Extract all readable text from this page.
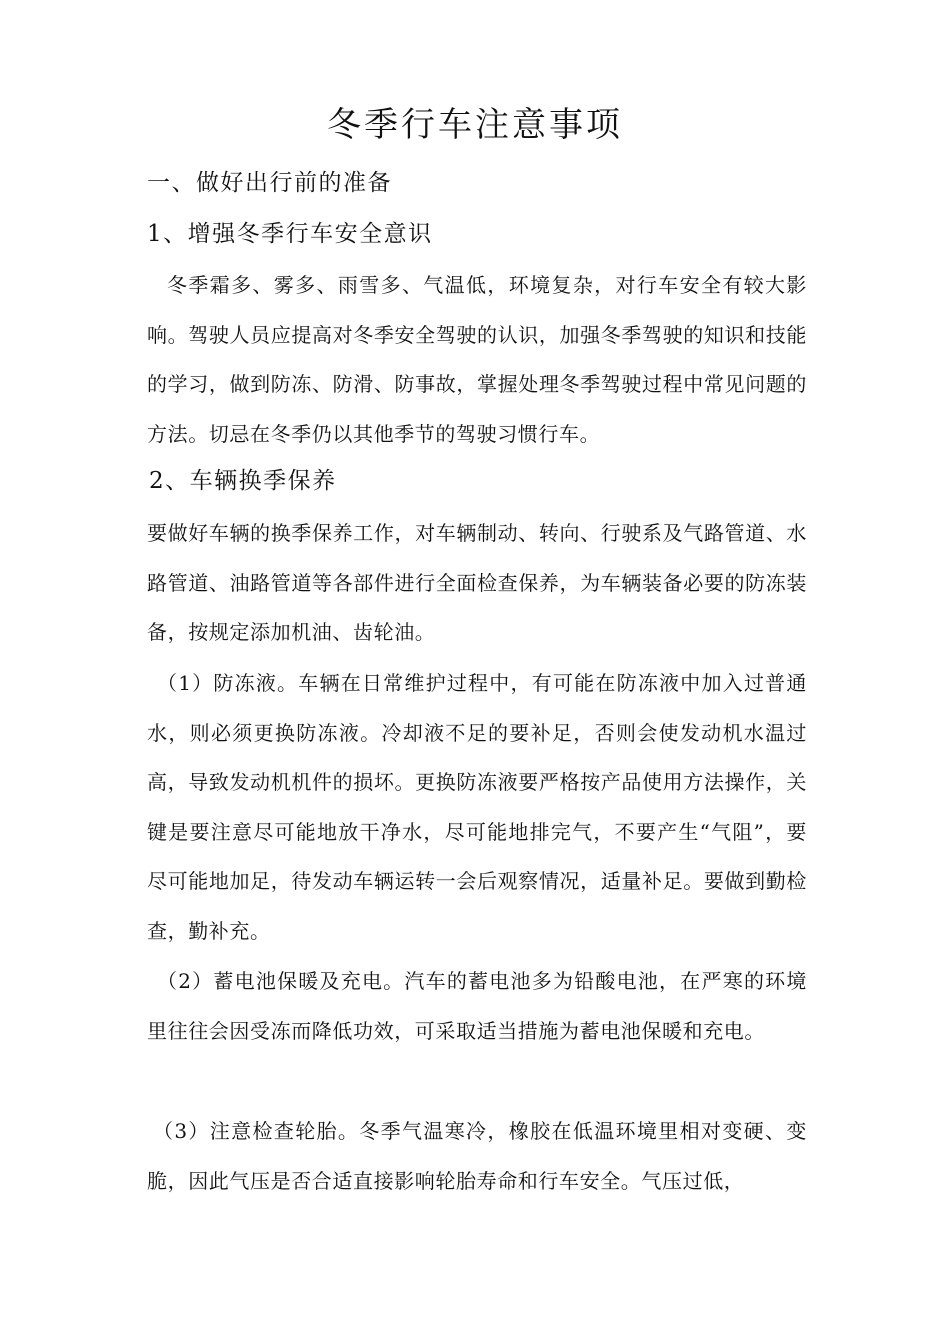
冬季行车注意事项
一、做好出行前的准备
1、增强冬季行车安全意识

冬季霜多、雾多、雨雪多、气温低，环境复杂，对行车安全有较大影响。驾驶人员应提高对冬季安全驾驶的认识，加强冬季驾驶的知识和技能的学习，做到防冻、防滑、防事故，掌握处理冬季驾驶过程中常见问题的方法。切忌在冬季仍以其他季节的驾驶习惯行车。

2、车辆换季保养

要做好车辆的换季保养工作，对车辆制动、转向、行驶系及气路管道、水路管道、油路管道等各部件进行全面检查保养，为车辆装备必要的防冻装备，按规定添加机油、齿轮油。

（1）防冻液。车辆在日常维护过程中，有可能在防冻液中加入过普通水，则必须更换防冻液。冷却液不足的要补足，否则会使发动机水温过高，导致发动机机件的损坏。更换防冻液要严格按产品使用方法操作，关键是要注意尽可能地放干净水，尽可能地排完气，不要产生“气阻”，要尽可能地加足，待发动车辆运转一会后观察情况，适量补足。要做到勤检查，勤补充。

（2）蓄电池保暖及充电。汽车的蓄电池多为铅酸电池，在严寒的环境里往往会因受冻而降低功效，可采取适当措施为蓄电池保暖和充电。

（3）注意检查轮胎。冬季气温寒冷，橡胶在低温环境里相对变硬、变脆，因此气压是否合适直接影响轮胎寿命和行车安全。气压过低，
